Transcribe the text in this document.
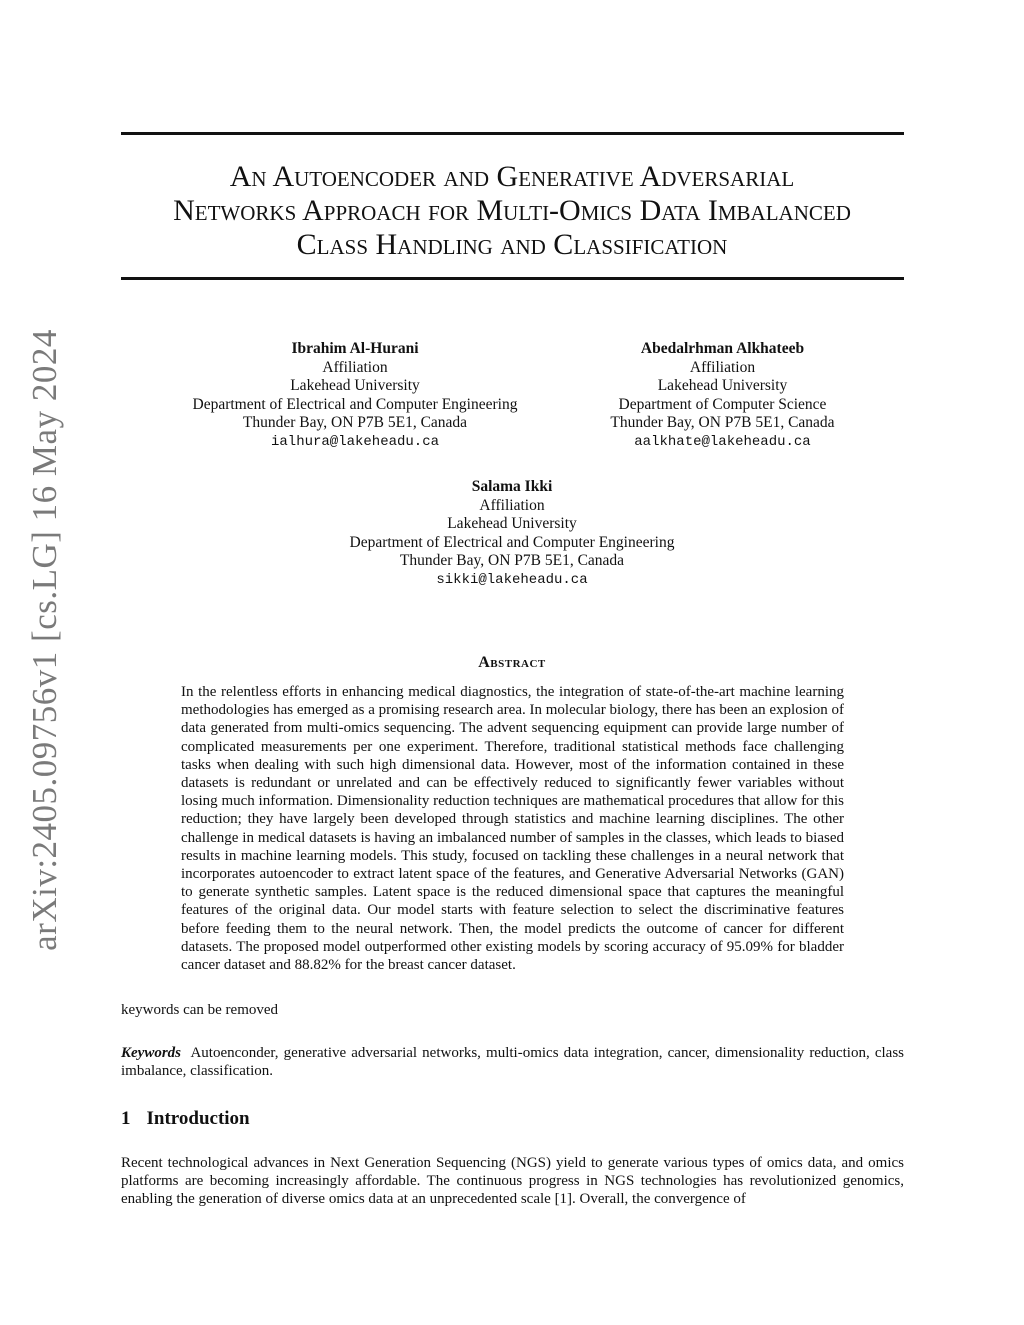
arXiv:2405.09756v1 [cs.LG] 16 May 2024
An Autoencoder and Generative Adversarial
Networks Approach for Multi-Omics Data Imbalanced
Class Handling and Classification
Ibrahim Al-Hurani
Affiliation
Lakehead University
Department of Electrical and Computer Engineering
Thunder Bay, ON P7B 5E1, Canada
ialhura@lakeheadu.ca
Abedalrhman Alkhateeb
Affiliation
Lakehead University
Department of Computer Science
Thunder Bay, ON P7B 5E1, Canada
aalkhate@lakeheadu.ca
Salama Ikki
Affiliation
Lakehead University
Department of Electrical and Computer Engineering
Thunder Bay, ON P7B 5E1, Canada
sikki@lakeheadu.ca
Abstract

In the relentless efforts in enhancing medical diagnostics, the integration of state-of-the-art machine learning methodologies has emerged as a promising research area. In molecular biology, there has been an explosion of data generated from multi-omics sequencing. The advent sequencing equipment can provide large number of complicated measurements per one experiment. Therefore, traditional statistical methods face challenging tasks when dealing with such high dimensional data. However, most of the information contained in these datasets is redundant or unrelated and can be effectively reduced to significantly fewer variables without losing much information. Dimensionality reduction techniques are mathematical procedures that allow for this reduction; they have largely been developed through statistics and machine learning disciplines. The other challenge in medical datasets is having an imbalanced number of samples in the classes, which leads to biased results in machine learning models. This study, focused on tackling these challenges in a neural network that incorporates autoencoder to extract latent space of the features, and Generative Adversarial Networks (GAN) to generate synthetic samples. Latent space is the reduced dimensional space that captures the meaningful features of the original data. Our model starts with feature selection to select the discriminative features before feeding them to the neural network. Then, the model predicts the outcome of cancer for different datasets. The proposed model outperformed other existing models by scoring accuracy of 95.09% for bladder cancer dataset and 88.82% for the breast cancer dataset.

keywords can be removed

Keywords Autoenconder, generative adversarial networks, multi-omics data integration, cancer, dimensionality reduction, class imbalance, classification.

1 Introduction

Recent technological advances in Next Generation Sequencing (NGS) yield to generate various types of omics data, and omics platforms are becoming increasingly affordable. The continuous progress in NGS technologies has revolutionized genomics, enabling the generation of diverse omics data at an unprecedented scale [1]. Overall, the convergence of
